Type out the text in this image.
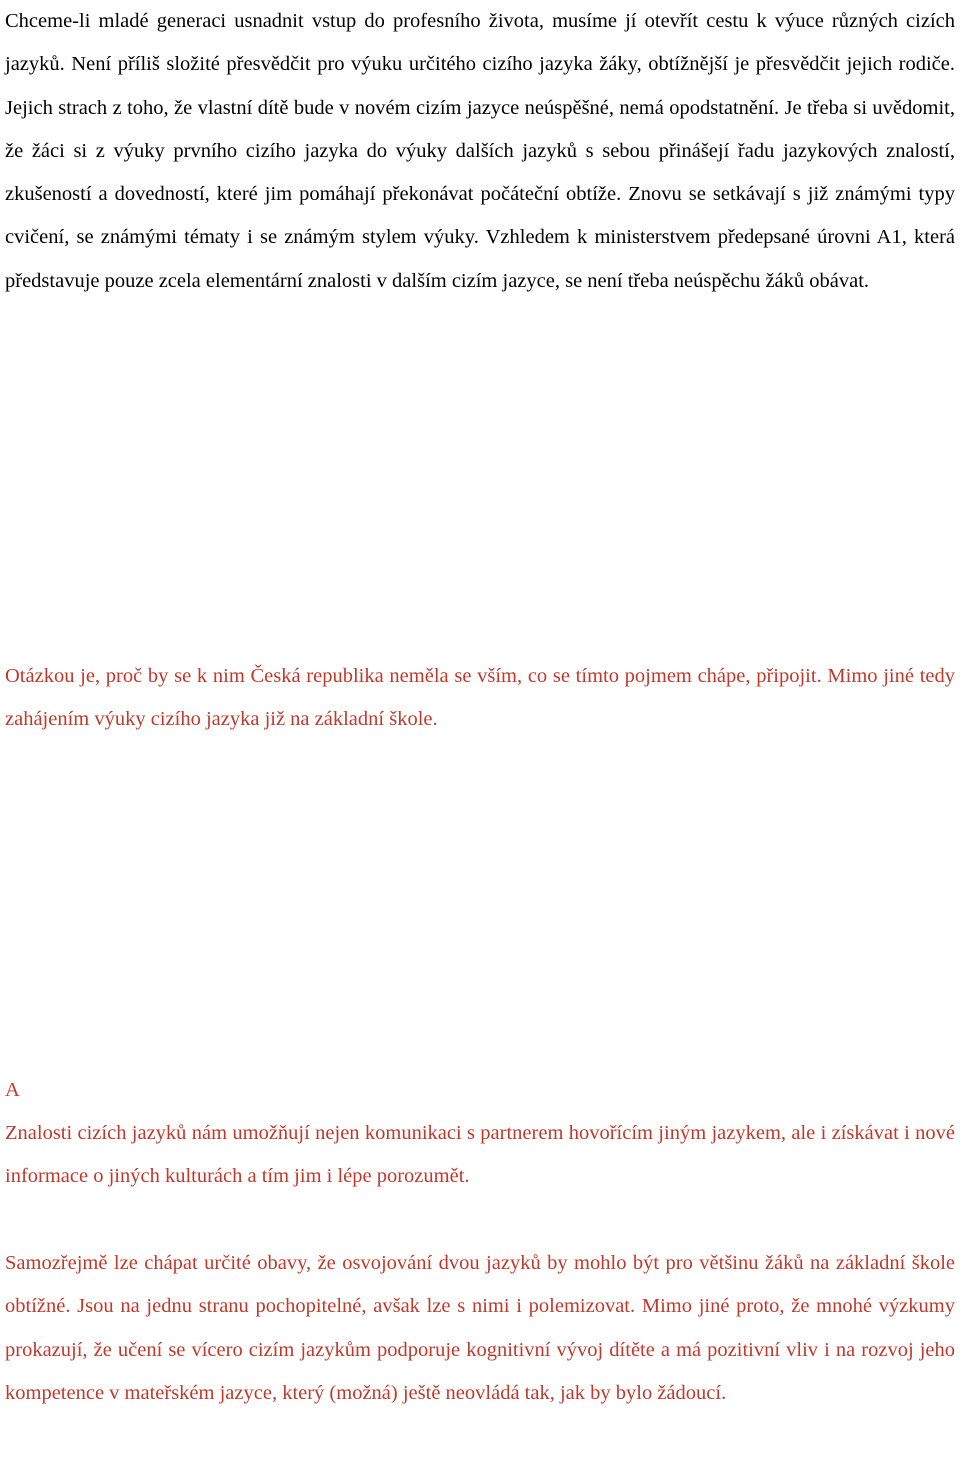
Chceme-li mladé generaci usnadnit vstup do profesního života, musíme jí otevřít cestu k výuce různých cizích jazyků. Není příliš složité přesvědčit pro výuku určitého cizího jazyka žáky, obtížnější je přesvědčit jejich rodiče. Jejich strach z toho, že vlastní dítě bude v novém cizím jazyce neúspěšné, nemá opodstatnění. Je třeba si uvědomit, že žáci si z výuky prvního cizího jazyka do výuky dalších jazyků s sebou přinášejí řadu jazykových znalostí, zkušeností a dovedností, které jim pomáhají překonávat počáteční obtíže. Znovu se setkávají s již známými typy cvičení, se známými tématy i se známým stylem výuky. Vzhledem k ministerstvem předepsané úrovni A1, která představuje pouze zcela elementární znalosti v dalším cizím jazyce, se není třeba neúspěchu žáků obávat.

Otázkou je, proč by se k nim Česká republika neměla se vším, co se tímto pojmem chápe, připojit. Mimo jiné tedy zahájením výuky cizího jazyka již na základní škole.

A

Znalosti cizích jazyků nám umožňují nejen komunikaci s partnerem hovořícím jiným jazykem, ale i získávat i nové informace o jiných kulturách a tím jim i lépe porozumět.

Samozřejmě lze chápat určité obavy, že osvojování dvou jazyků by mohlo být pro většinu žáků na základní škole obtížné. Jsou na jednu stranu pochopitelné, avšak lze s nimi i polemizovat. Mimo jiné proto, že mnohé výzkumy prokazují, že učení se vícero cizím jazykům podporuje kognitivní vývoj dítěte a má pozitivní vliv i na rozvoj jeho kompetence v mateřském jazyce, který (možná) ještě neovládá tak, jak by bylo žádoucí.
